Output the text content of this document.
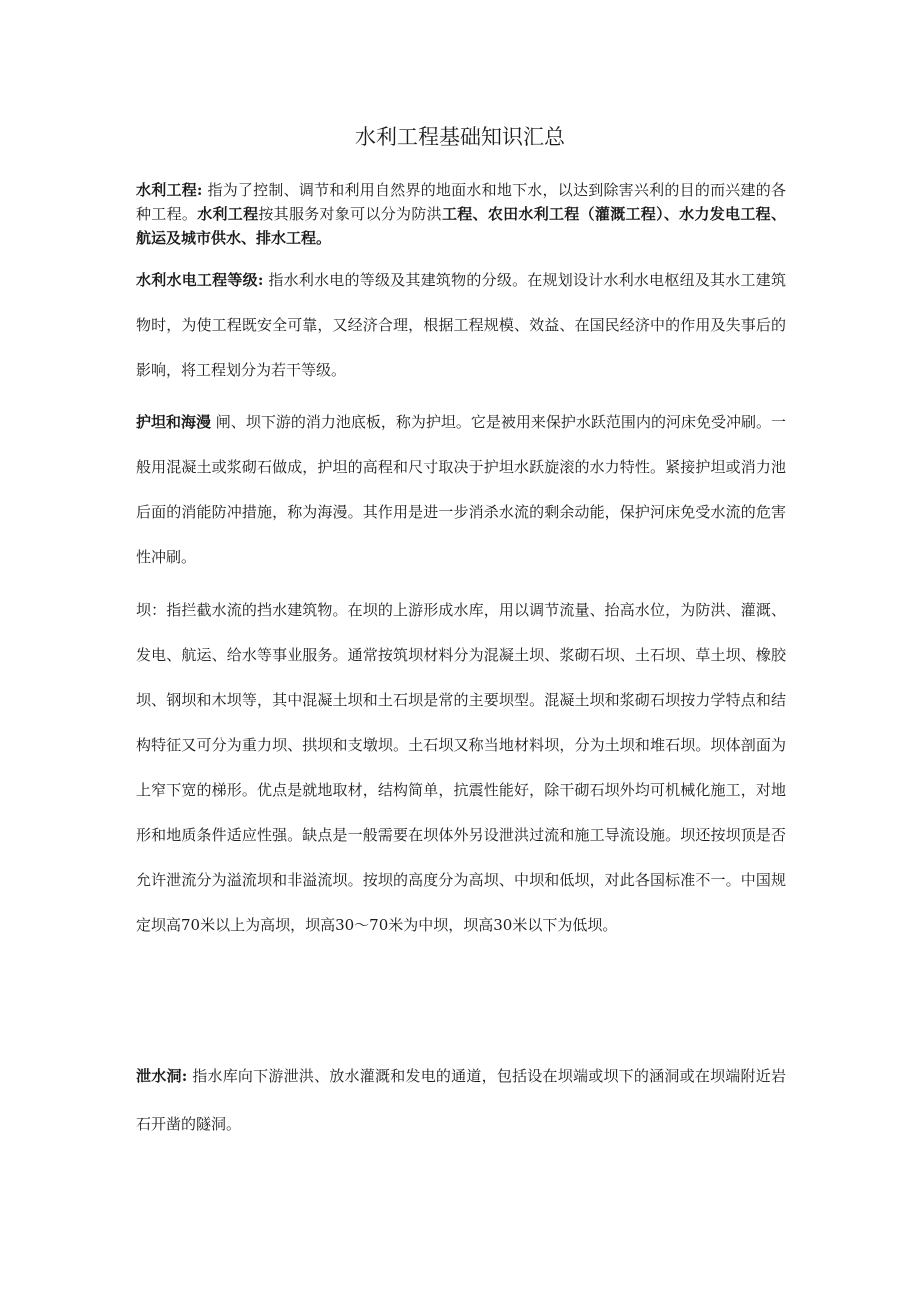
水利工程基础知识汇总

水利工程: 指为了控制、调节和利用自然界的地面水和地下水，以达到除害兴利的目的而兴建的各种工程。水利工程按其服务对象可以分为防洪工程、农田水利工程（灌溉工程）、水力发电工程、航运及城市供水、排水工程。

水利水电工程等级: 指水利水电的等级及其建筑物的分级。在规划设计水利水电枢纽及其水工建筑物时，为使工程既安全可靠，又经济合理，根据工程规模、效益、在国民经济中的作用及失事后的影响，将工程划分为若干等级。

护坦和海漫 闸、坝下游的消力池底板，称为护坦。它是被用来保护水跃范围内的河床免受冲刷。一般用混凝土或浆砌石做成，护坦的高程和尺寸取决于护坦水跃旋滚的水力特性。紧接护坦或消力池后面的消能防冲措施，称为海漫。其作用是进一步消杀水流的剩余动能，保护河床免受水流的危害性冲刷。

坝：指拦截水流的挡水建筑物。在坝的上游形成水库，用以调节流量、抬高水位，为防洪、灌溉、发电、航运、给水等事业服务。通常按筑坝材料分为混凝土坝、浆砌石坝、土石坝、草土坝、橡胶坝、钢坝和木坝等，其中混凝土坝和土石坝是常的主要坝型。混凝土坝和浆砌石坝按力学特点和结构特征又可分为重力坝、拱坝和支墩坝。土石坝又称当地材料坝，分为土坝和堆石坝。坝体剖面为上窄下宽的梯形。优点是就地取材，结构简单，抗震性能好，除干砌石坝外均可机械化施工，对地形和地质条件适应性强。缺点是一般需要在坝体外另设泄洪过流和施工导流设施。坝还按坝顶是否允许泄流分为溢流坝和非溢流坝。按坝的高度分为高坝、中坝和低坝，对此各国标准不一。中国规定坝高70米以上为高坝，坝高30〜70米为中坝，坝高30米以下为低坝。

泄水洞: 指水库向下游泄洪、放水灌溉和发电的通道，包括设在坝端或坝下的涵洞或在坝端附近岩石开凿的隧洞。
